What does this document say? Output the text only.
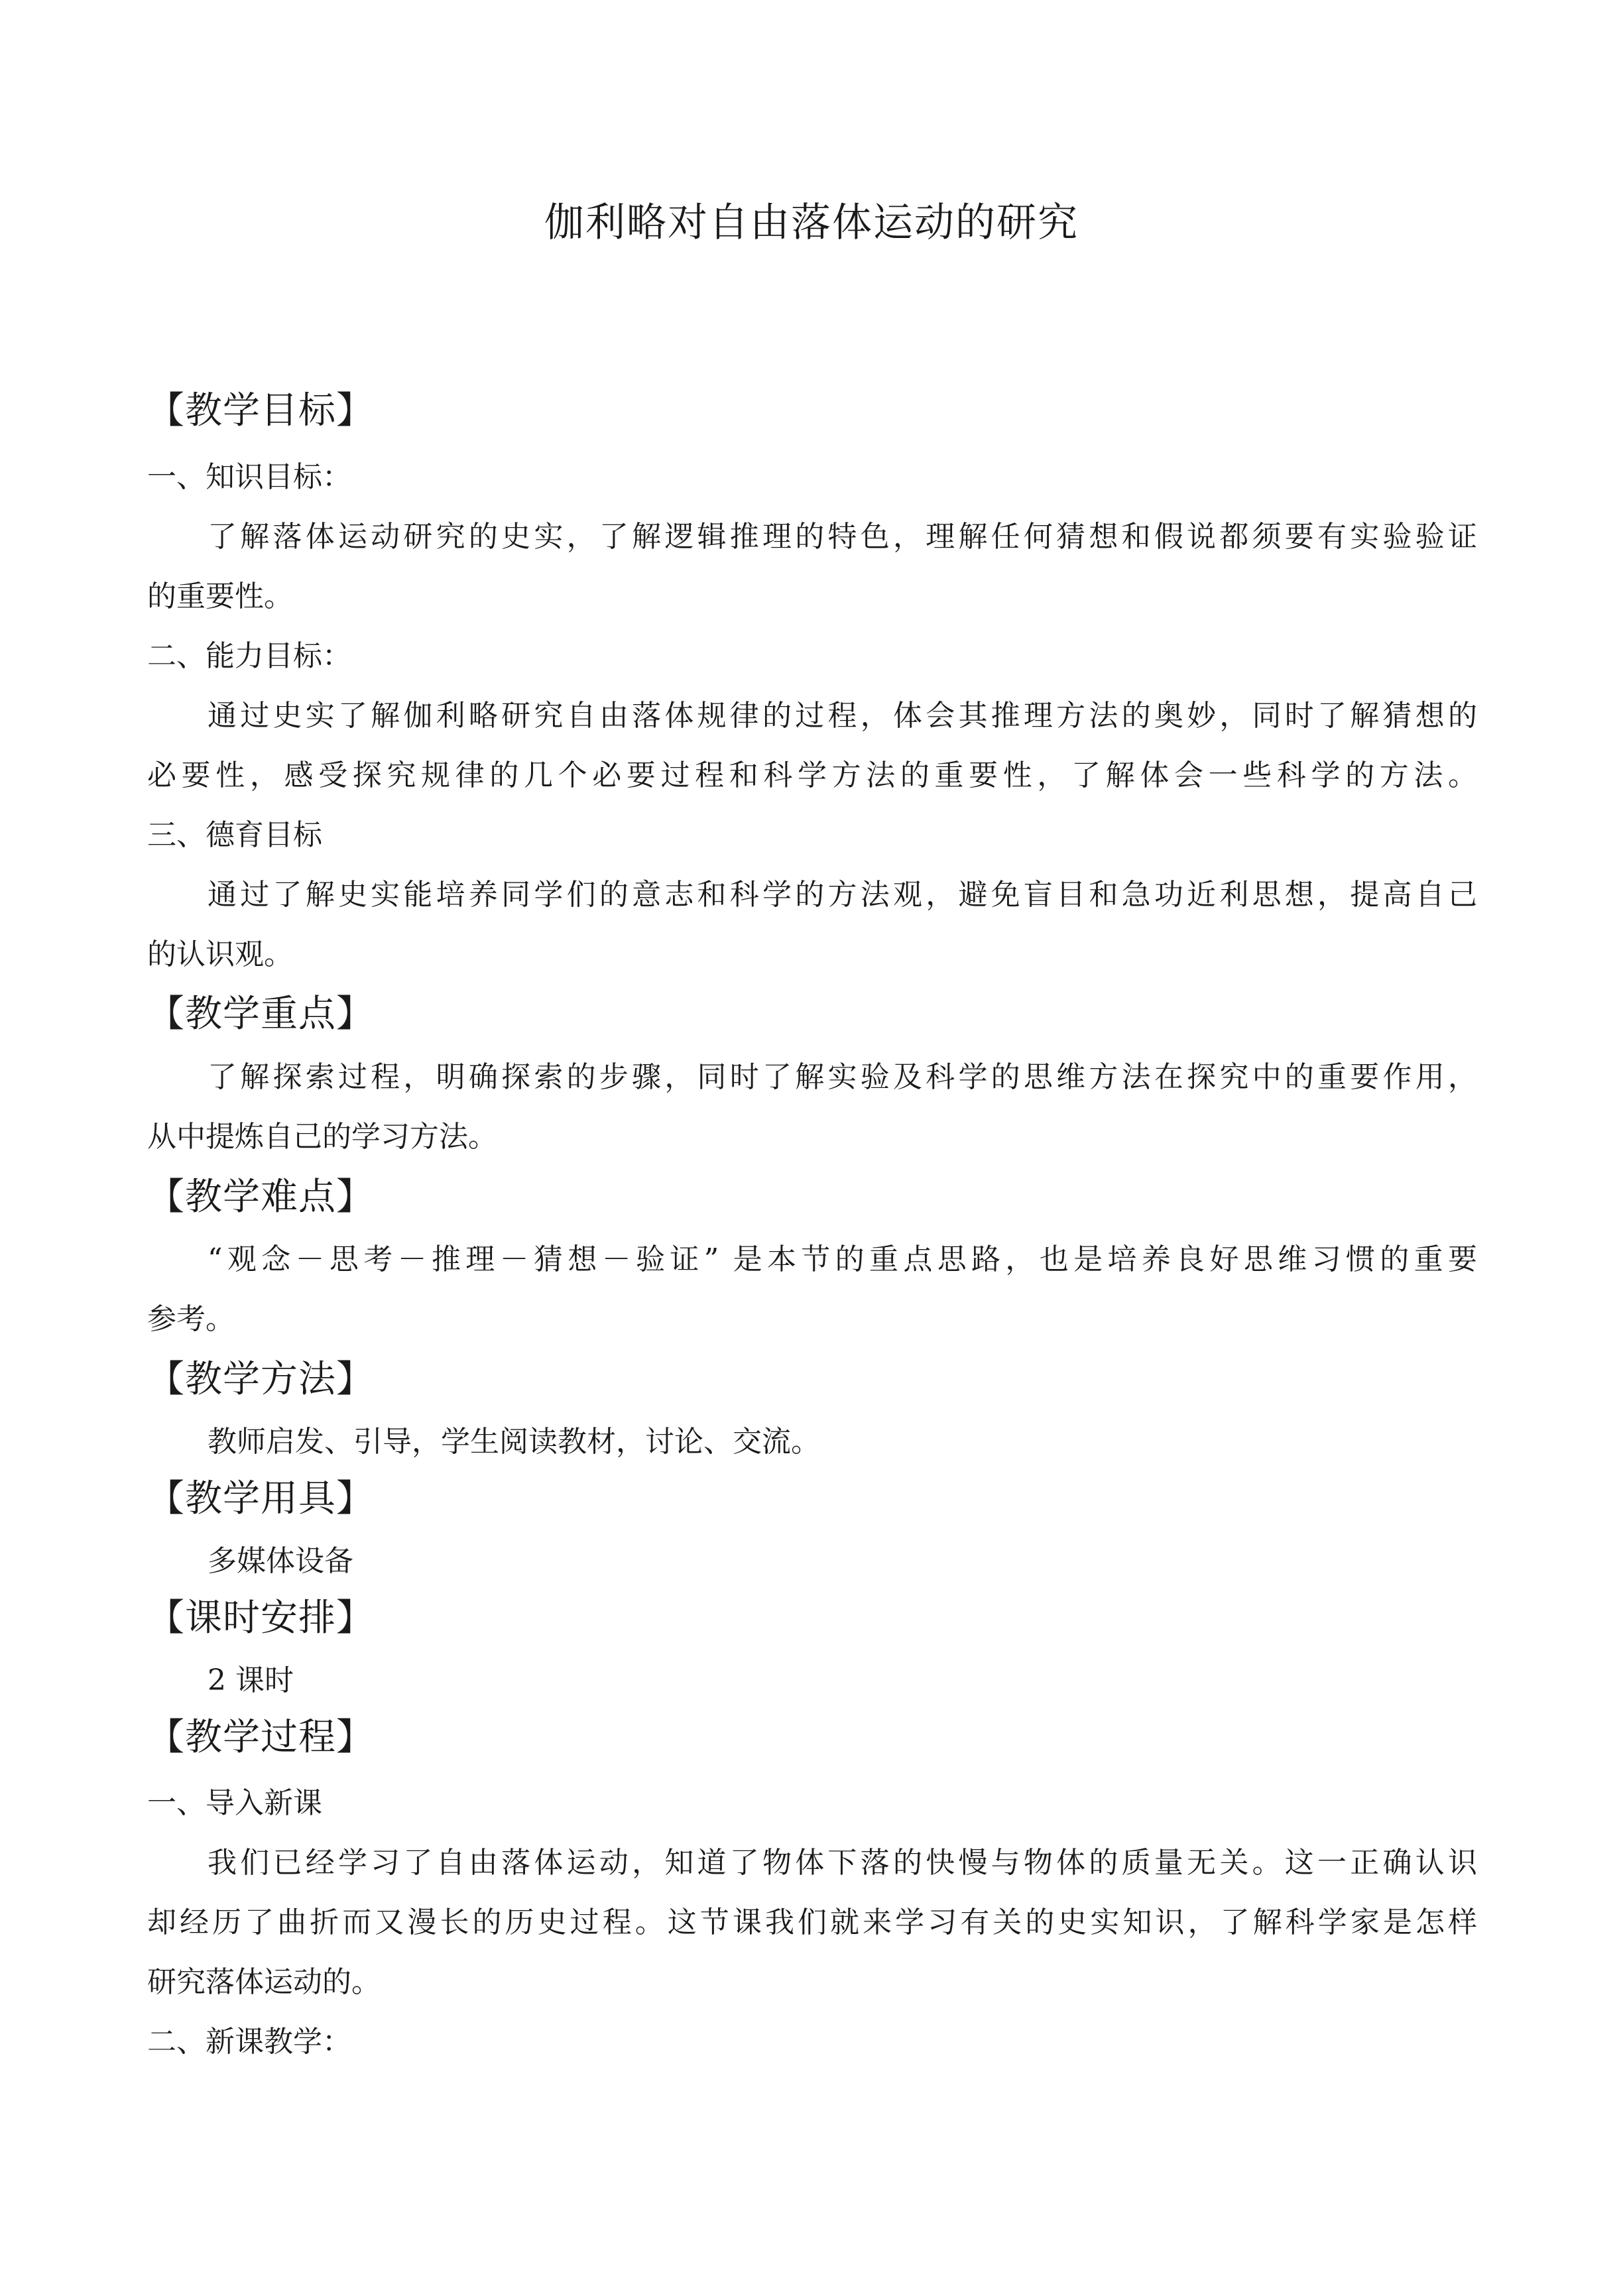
伽利略对自由落体运动的研究
【教学目标】
一、知识目标：
了解落体运动研究的史实，了解逻辑推理的特色，理解任何猜想和假说都须要有实验验证
的重要性。
二、能力目标：
通过史实了解伽利略研究自由落体规律的过程，体会其推理方法的奥妙，同时了解猜想的
必要性，感受探究规律的几个必要过程和科学方法的重要性，了解体会一些科学的方法。
三、德育目标
通过了解史实能培养同学们的意志和科学的方法观，避免盲目和急功近利思想，提高自己
的认识观。
【教学重点】
了解探索过程，明确探索的步骤，同时了解实验及科学的思维方法在探究中的重要作用，
从中提炼自己的学习方法。
【教学难点】
“观念－思考－推理－猜想－验证” 是本节的重点思路，也是培养良好思维习惯的重要
参考。
【教学方法】
教师启发、引导，学生阅读教材，讨论、交流。
【教学用具】
多媒体设备
【课时安排】
2 课时
【教学过程】
一、导入新课
我们已经学习了自由落体运动，知道了物体下落的快慢与物体的质量无关。这一正确认识
却经历了曲折而又漫长的历史过程。这节课我们就来学习有关的史实知识，了解科学家是怎样
研究落体运动的。
二、新课教学：
